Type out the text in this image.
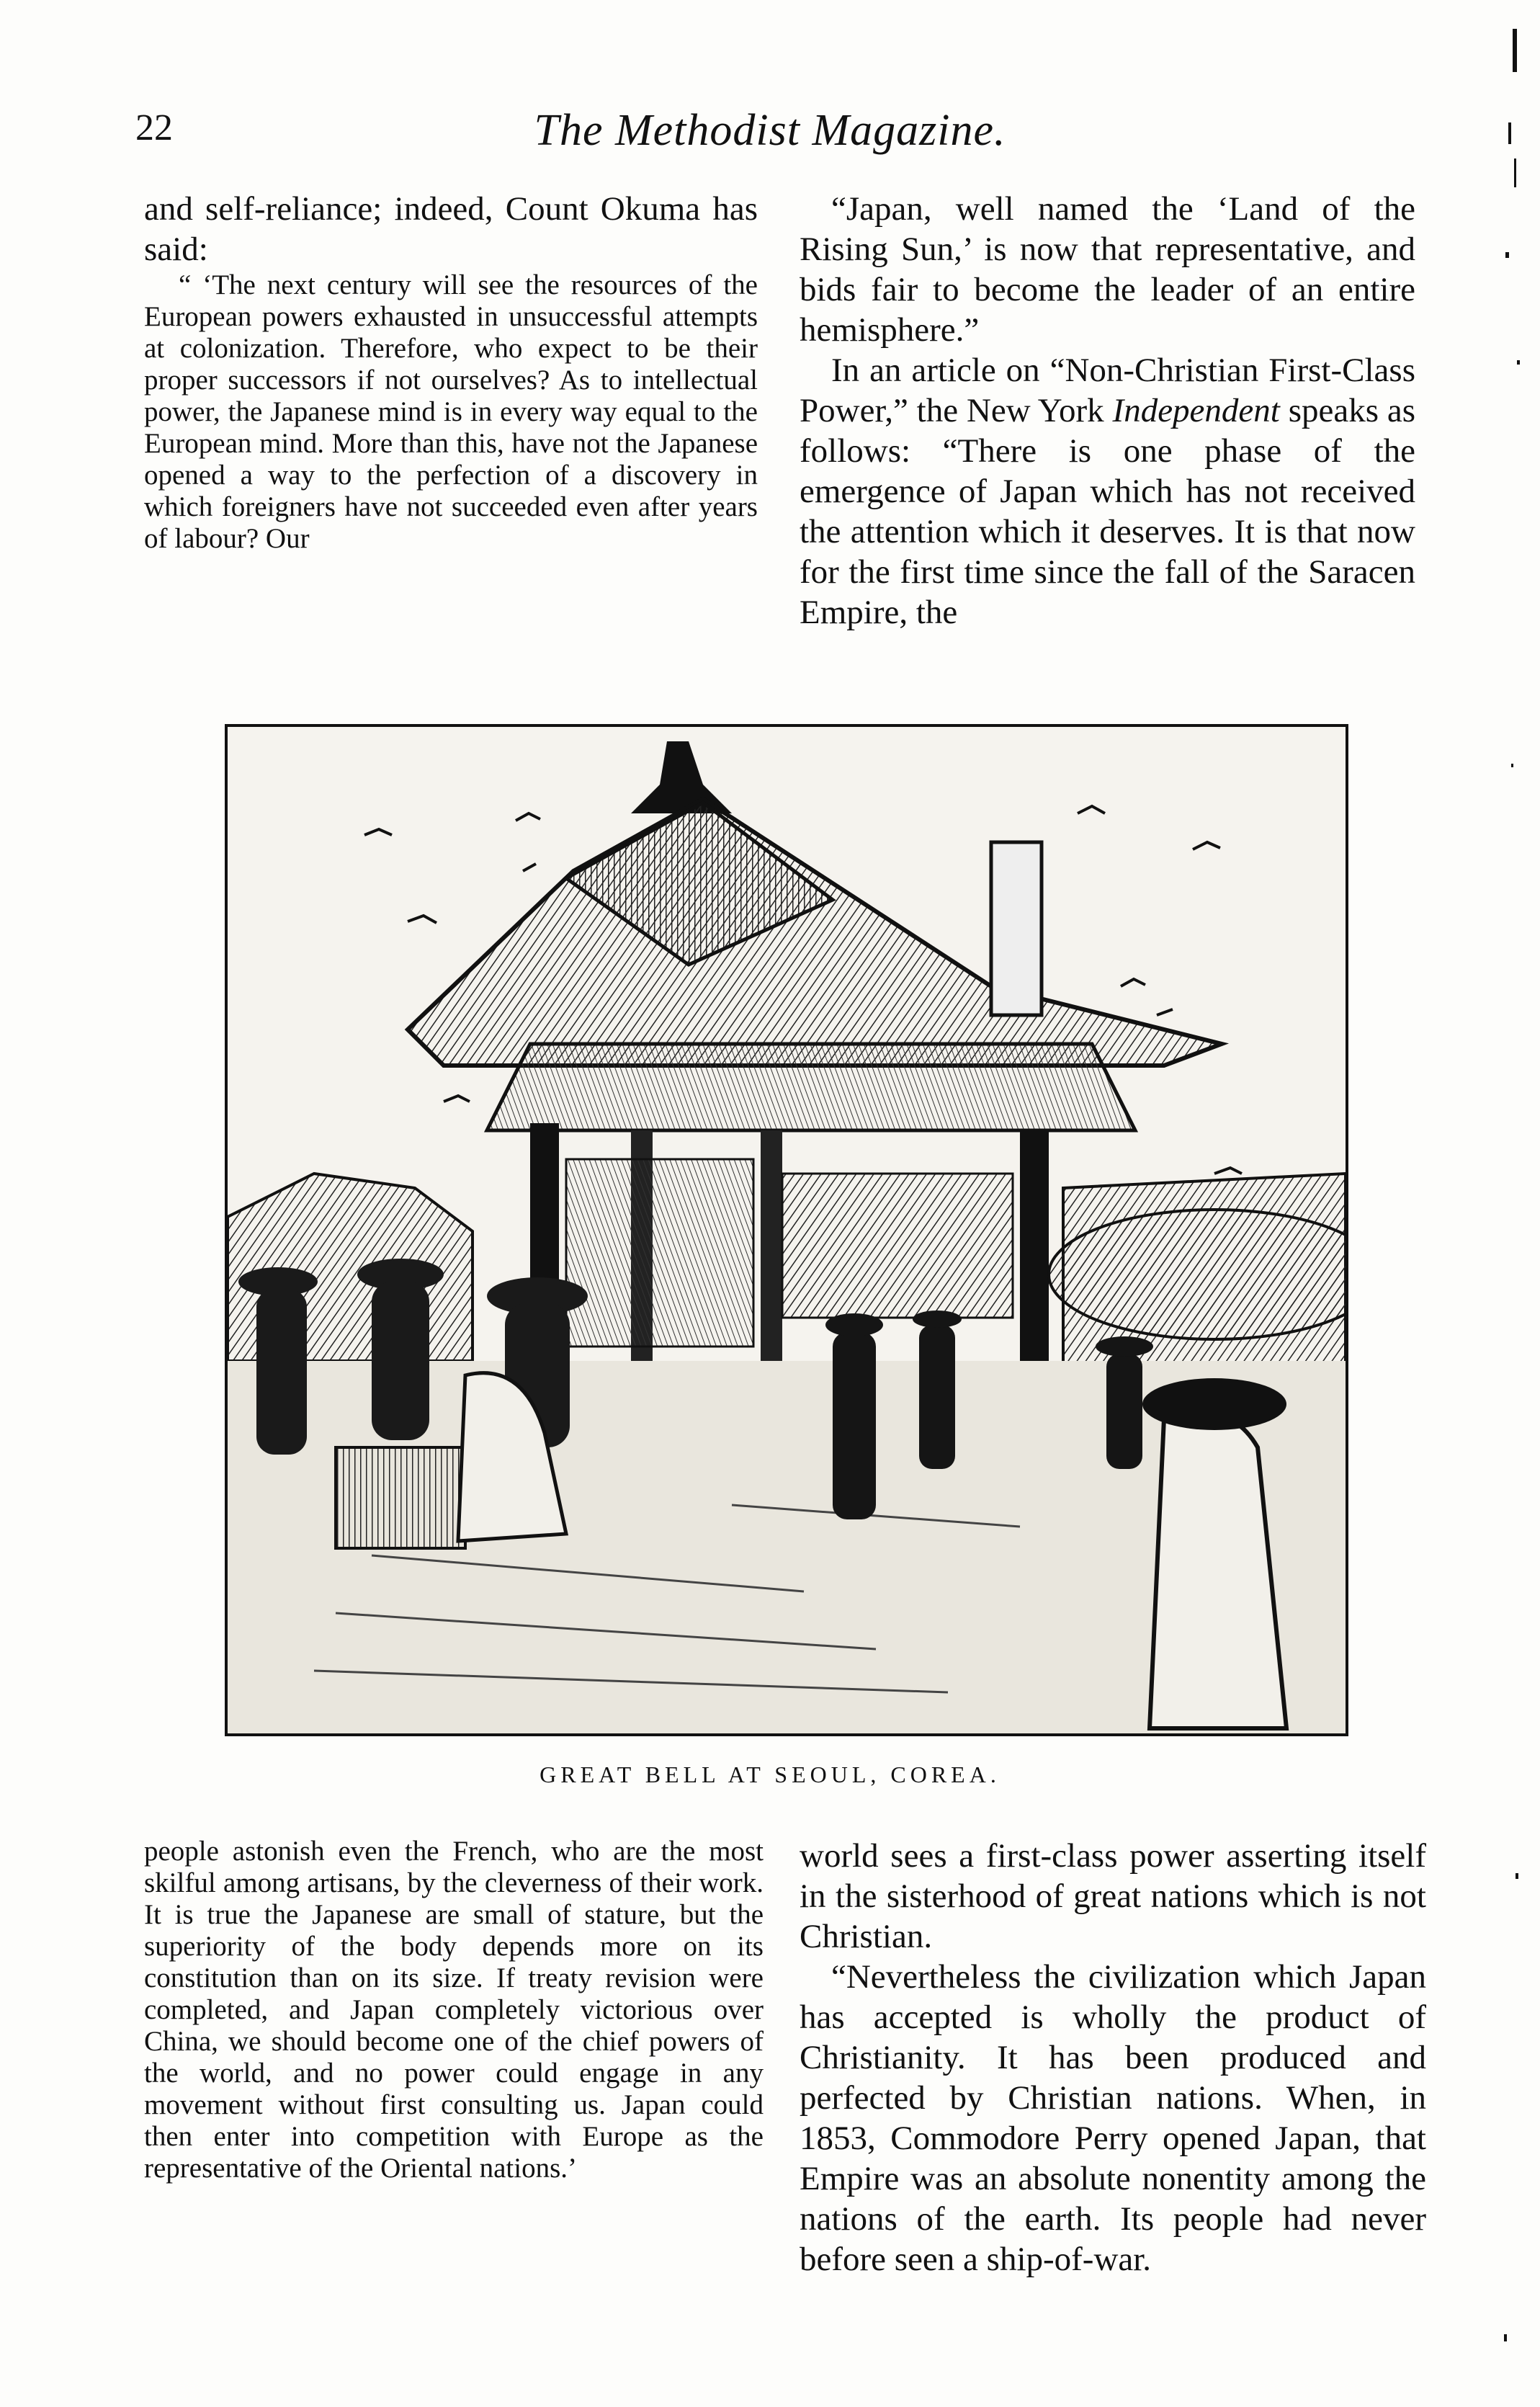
22	The Methodist Magazine.

and self-reliance; indeed, Count Okuma has said:

“ ‘The next century will see the resources of the European powers exhausted in unsuccessful attempts at colonization. Therefore, who expect to be their proper successors if not ourselves? As to intellectual power, the Japanese mind is in every way equal to the European mind. More than this, have not the Japanese opened a way to the perfection of a discovery in which foreigners have not succeeded even after years of labour? Our

“Japan, well named the ‘Land of the Rising Sun,’ is now that representative, and bids fair to become the leader of an entire hemisphere.”

In an article on “Non-Christian First-Class Power,” the New York Independent speaks as follows: “There is one phase of the emergence of Japan which has not received the attention which it deserves. It is that now for the first time since the fall of the Saracen Empire, the

GREAT BELL AT SEOUL, COREA.

people astonish even the French, who are the most skilful among artisans, by the cleverness of their work. It is true the Japanese are small of stature, but the superiority of the body depends more on its constitution than on its size. If treaty revision were completed, and Japan completely victorious over China, we should become one of the chief powers of the world, and no power could engage in any movement without first consulting us. Japan could then enter into competition with Europe as the representative of the Oriental nations.’

world sees a first-class power asserting itself in the sisterhood of great nations which is not Christian.

“Nevertheless the civilization which Japan has accepted is wholly the product of Christianity. It has been produced and perfected by Christian nations. When, in 1853, Commodore Perry opened Japan, that Empire was an absolute nonentity among the nations of the earth. Its people had never before seen a ship-of-war.
